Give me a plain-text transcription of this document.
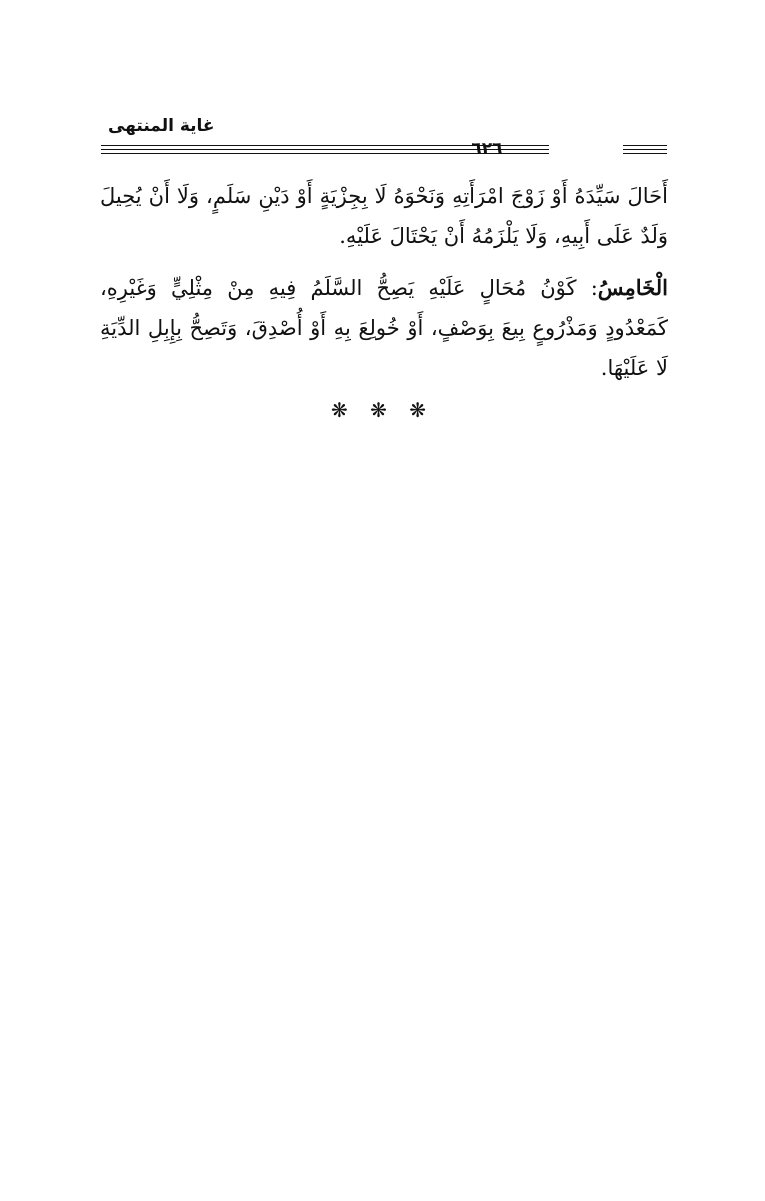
غاية المنتهى
٦٢٦

أَحَالَ سَيِّدَهُ أَوْ زَوْجَ امْرَأَتِهِ وَنَحْوَهُ لَا بِجِزْيَةٍ أَوْ دَيْنِ سَلَمٍ، وَلَا أَنْ يُحِيلَ وَلَدٌ عَلَى أَبِيهِ، وَلَا يَلْزَمُهُ أَنْ يَحْتَالَ عَلَيْهِ.

الْخَامِسُ: كَوْنُ مُحَالٍ عَلَيْهِ يَصِحُّ السَّلَمُ فِيهِ مِنْ مِثْلِيٍّ وَغَيْرِهِ، كَمَعْدُودٍ وَمَذْرُوعٍ بِيعَ بِوَصْفٍ، أَوْ خُولِعَ بِهِ أَوْ أُصْدِقَ، وَتَصِحُّ بِإِبِلِ الدِّيَةِ لَا عَلَيْهَا.

❋ ❋ ❋
